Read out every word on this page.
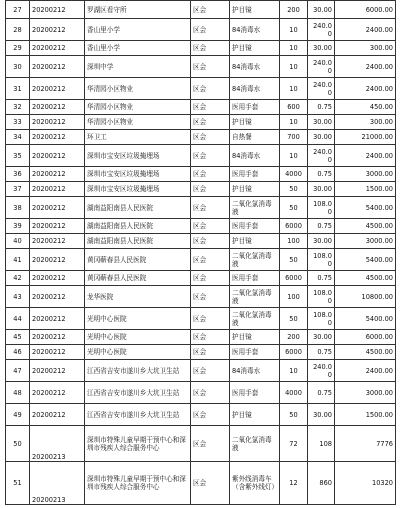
27	20200212	罗湖区看守所	区会	护目镜	200	30.00	6000.00
28	20200212	香山里小学	区会	84消毒水	10	240.0 0	2400.00
29	20200212	香山里小学	区会	护目镜	10	30.00	300.00
30	20200212	深圳中学	区会	84消毒水	10	240.0 0	2400.00
31	20200212	华清园小区物业	区会	84消毒水	10	240.0 0	2400.00
32	20200212	华清园小区物业	区会	医用手套	600	0.75	450.00
33	20200212	华清园小区物业	区会	护目镜	10	30.00	300.00
34	20200212	环卫工	区会	自热餐	700	30.00	21000.00
35	20200212	深圳市宝安区垃圾掩埋场	区会	84消毒水	10	240.0 0	2400.00
36	20200212	深圳市宝安区垃圾掩埋场	区会	医用手套	4000	0.75	3000.00
37	20200212	深圳市宝安区垃圾掩埋场	区会	护目镜	50	30.00	1500.00
38	20200212	湖南益阳南县人民医院	区会	二氧化氯消毒液	50	108.0 0	5400.00
39	20200212	湖南益阳南县人民医院	区会	医用手套	6000	0.75	4500.00
40	20200212	湖南益阳南县人民医院	区会	护目镜	100	30.00	3000.00
41	20200212	黄冈蕲春县人民医院	区会	二氧化氯消毒液	50	108.0 0	5400.00
42	20200212	黄冈蕲春县人民医院	区会	医用手套	6000	0.75	4500.00
43	20200212	龙华医院	区会	二氧化氯消毒液	100	108.0 0	10800.00
44	20200212	光明中心医院	区会	二氧化氯消毒液	50	108.0 0	5400.00
45	20200212	光明中心医院	区会	护目镜	200	30.00	6000.00
46	20200212	光明中心医院	区会	医用手套	6000	0.75	4500.00
47	20200212	江西省吉安市遂川乡大坑卫生站	区会	84消毒水	10	240.0 0	2400.00
48	20200212	江西省吉安市遂川乡大坑卫生站	区会	医用手套	4000	0.75	3000.00
49	20200212	江西省吉安市遂川乡大坑卫生站	区会	护目镜	50	30.00	1500.00
50	20200213	深圳市特殊儿童早期干预中心和深圳市残疾人综合服务中心	区会	二氧化氯消毒液	72	108	7776
51	20200213	深圳市特殊儿童早期干预中心和深圳市残疾人综合服务中心	区会	紫外线消毒车（含紫外线灯）	12	860	10320
